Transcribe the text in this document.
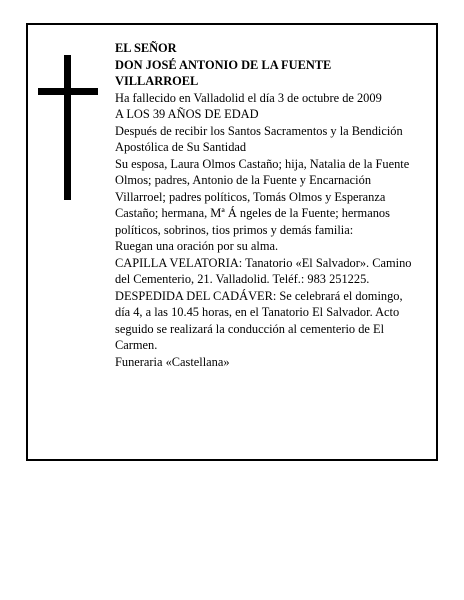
EL SEÑOR

DON JOSÉ ANTONIO DE LA FUENTE

VILLARROEL

Ha fallecido en Valladolid el día 3 de octubre de 2009

A LOS 39 AÑOS DE EDAD

Después de recibir los Santos Sacramentos y la Bendición Apostólica de Su Santidad

Su esposa, Laura Olmos Castaño; hija, Natalia de la Fuente Olmos; padres, Antonio de la Fuente y Encarnación Villarroel; padres políticos, Tomás Olmos y Esperanza Castaño; hermana, Mª Á ngeles de la Fuente; hermanos políticos, sobrinos, tios primos y demás familia:

Ruegan una oración por su alma.

CAPILLA VELATORIA: Tanatorio «El Salvador». Camino del Cementerio, 21. Valladolid. Teléf.: 983 251225.

DESPEDIDA DEL CADÁVER: Se celebrará el domingo, día 4, a las 10.45 horas, en el Tanatorio El Salvador. Acto seguido se realizará la conducción al cementerio de El Carmen.

Funeraria «Castellana»
